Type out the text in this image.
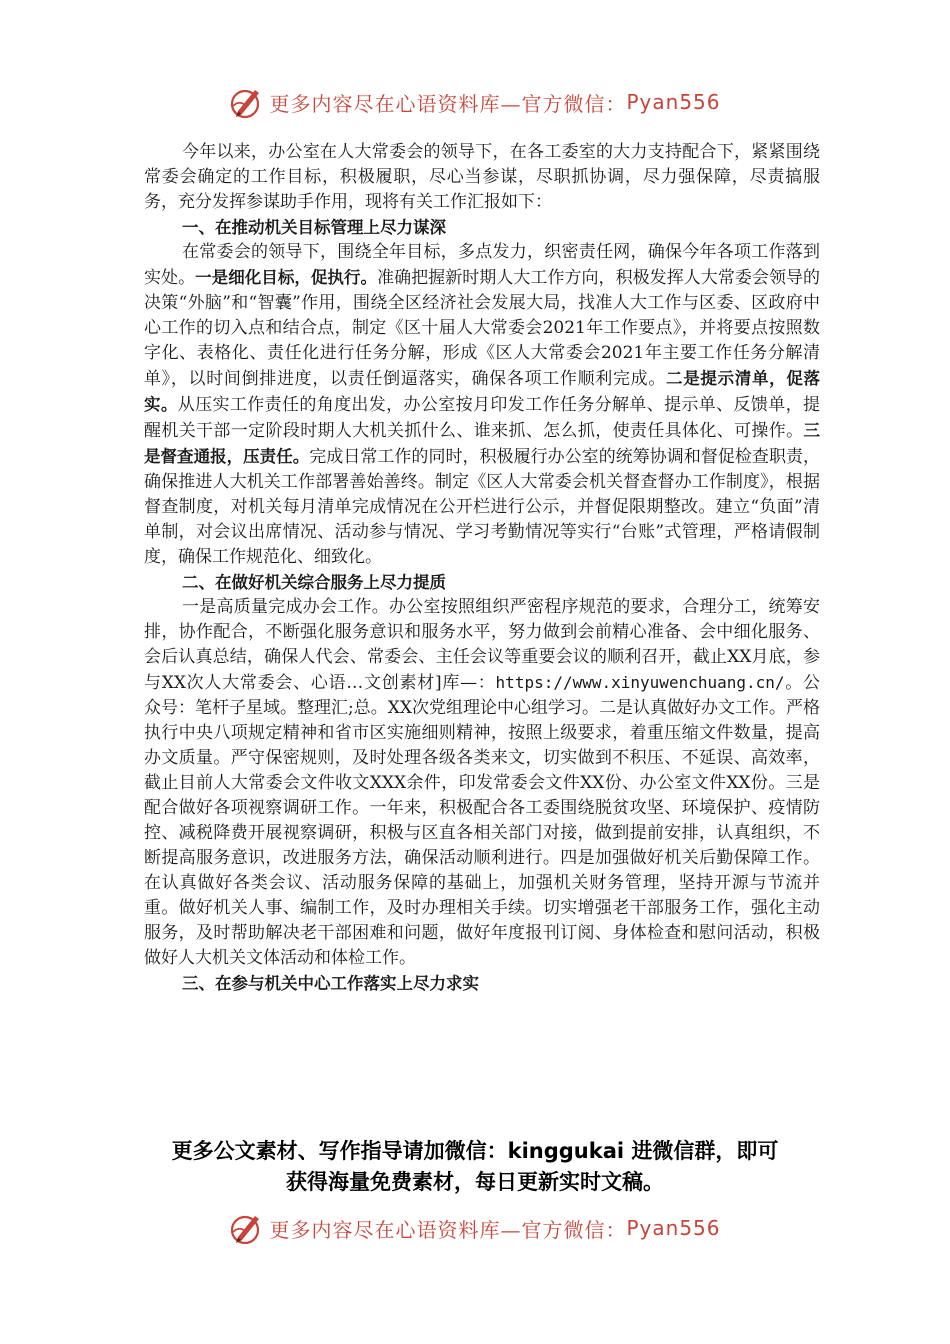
更多内容尽在心语资料库—官方微信： Pyan556

今年以来，办公室在人大常委会的领导下，在各工委室的大力支持配合下，紧紧围绕常委会确定的工作目标，积极履职，尽心当参谋，尽职抓协调，尽力强保障，尽责搞服务，充分发挥参谋助手作用，现将有关工作汇报如下：

一、在推动机关目标管理上尽力谋深

在常委会的领导下，围绕全年目标，多点发力，织密责任网，确保今年各项工作落到实处。一是细化目标，促执行。准确把握新时期人大工作方向，积极发挥人大常委会领导的决策“外脑”和“智囊”作用，围绕全区经济社会发展大局，找准人大工作与区委、区政府中心工作的切入点和结合点，制定《区十届人大常委会2021年工作要点》，并将要点按照数字化、表格化、责任化进行任务分解，形成《区人大常委会2021年主要工作任务分解清单》，以时间倒排进度，以责任倒逼落实，确保各项工作顺利完成。二是提示清单，促落实。从压实工作责任的角度出发，办公室按月印发工作任务分解单、提示单、反馈单，提醒机关干部一定阶段时期人大机关抓什么、谁来抓、怎么抓，使责任具体化、可操作。三是督查通报，压责任。完成日常工作的同时，积极履行办公室的统筹协调和督促检查职责，确保推进人大机关工作部署善始善终。制定《区人大常委会机关督查督办工作制度》，根据督查制度，对机关每月清单完成情况在公开栏进行公示，并督促限期整改。建立“负面”清单制，对会议出席情况、活动参与情况、学习考勤情况等实行“台账”式管理，严格请假制度，确保工作规范化、细致化。

二、在做好机关综合服务上尽力提质

一是高质量完成办会工作。办公室按照组织严密程序规范的要求，合理分工，统筹安排，协作配合，不断强化服务意识和服务水平，努力做到会前精心准备、会中细化服务、会后认真总结，确保人代会、常委会、主任会议等重要会议的顺利召开，截止XX月底，参与XX次人大常委会、心语…文创素材]库—：https://www.xinyuwenchuang.cn/。公众号：笔杆子星域。整理汇;总。XX次党组理论中心组学习。二是认真做好办文工作。严格执行中央八项规定精神和省市区实施细则精神，按照上级要求，着重压缩文件数量，提高办文质量。严守保密规则，及时处理各级各类来文，切实做到不积压、不延误、高效率，截止目前人大常委会文件收文XXX余件，印发常委会文件XX份、办公室文件XX份。三是配合做好各项视察调研工作。一年来，积极配合各工委围绕脱贫攻坚、环境保护、疫情防控、减税降费开展视察调研，积极与区直各相关部门对接，做到提前安排，认真组织，不断提高服务意识，改进服务方法，确保活动顺利进行。四是加强做好机关后勤保障工作。在认真做好各类会议、活动服务保障的基础上，加强机关财务管理，坚持开源与节流并重。做好机关人事、编制工作，及时办理相关手续。切实增强老干部服务工作，强化主动服务，及时帮助解决老干部困难和问题，做好年度报刊订阅、身体检查和慰问活动，积极做好人大机关文体活动和体检工作。

三、在参与机关中心工作落实上尽力求实

更多公文素材、写作指导请加微信：kinggukai 进微信群，即可
获得海量免费素材，每日更新实时文稿。
更多内容尽在心语资料库—官方微信： Pyan556
